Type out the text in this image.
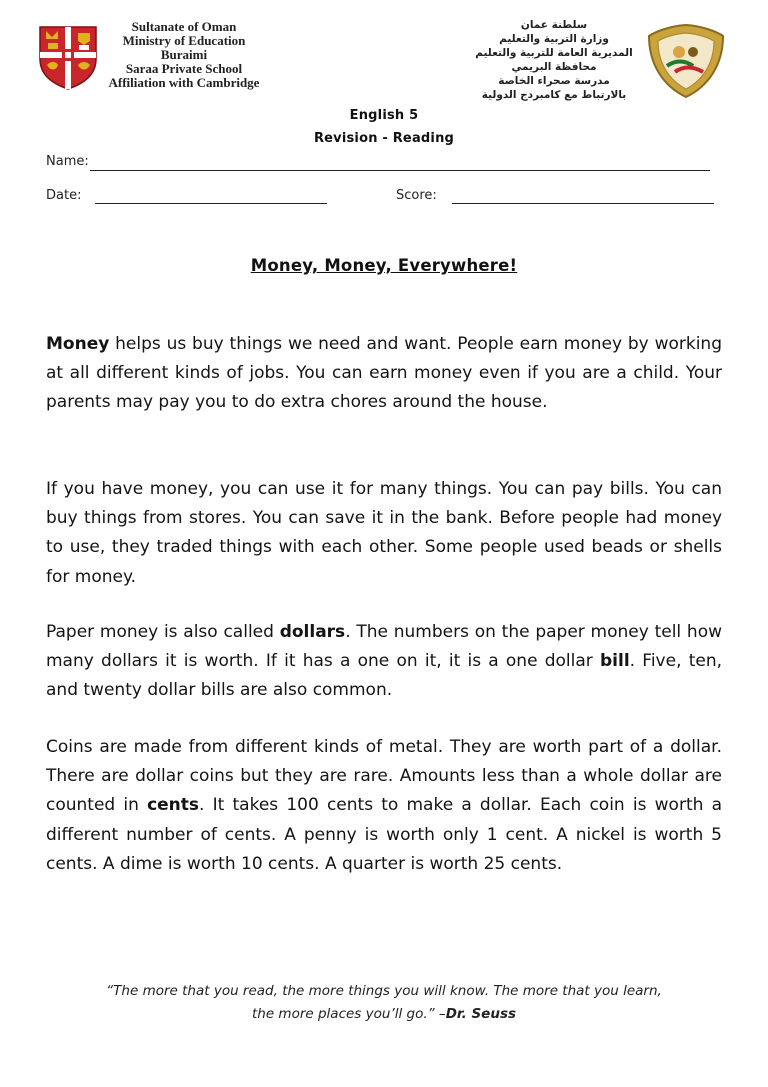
Sultanate of Oman
Ministry of Education
Buraimi
Saraa Private School
Affiliation with Cambridge
سلطنة عمان
وزارة التربية والتعليم
المديرية العامة للتربية والتعليم
محافظة البريمي
مدرسة صحراء الخاصة
بالارتباط مع كامبردج الدولية
English 5
Revision - Reading
Name:
Date:	Score:
Money, Money, Everywhere!
Money helps us buy things we need and want. People earn money by working at all different kinds of jobs. You can earn money even if you are a child. Your parents may pay you to do extra chores around the house.
If you have money, you can use it for many things. You can pay bills. You can buy things from stores. You can save it in the bank. Before people had money to use, they traded things with each other. Some people used beads or shells for money.
Paper money is also called dollars. The numbers on the paper money tell how many dollars it is worth. If it has a one on it, it is a one dollar bill. Five, ten, and twenty dollar bills are also common.
Coins are made from different kinds of metal. They are worth part of a dollar. There are dollar coins but they are rare. Amounts less than a whole dollar are counted in cents. It takes 100 cents to make a dollar. Each coin is worth a different number of cents. A penny is worth only 1 cent. A nickel is worth 5 cents. A dime is worth 10 cents. A quarter is worth 25 cents.
“The more that you read, the more things you will know. The more that you learn,
the more places you’ll go.” –Dr. Seuss
